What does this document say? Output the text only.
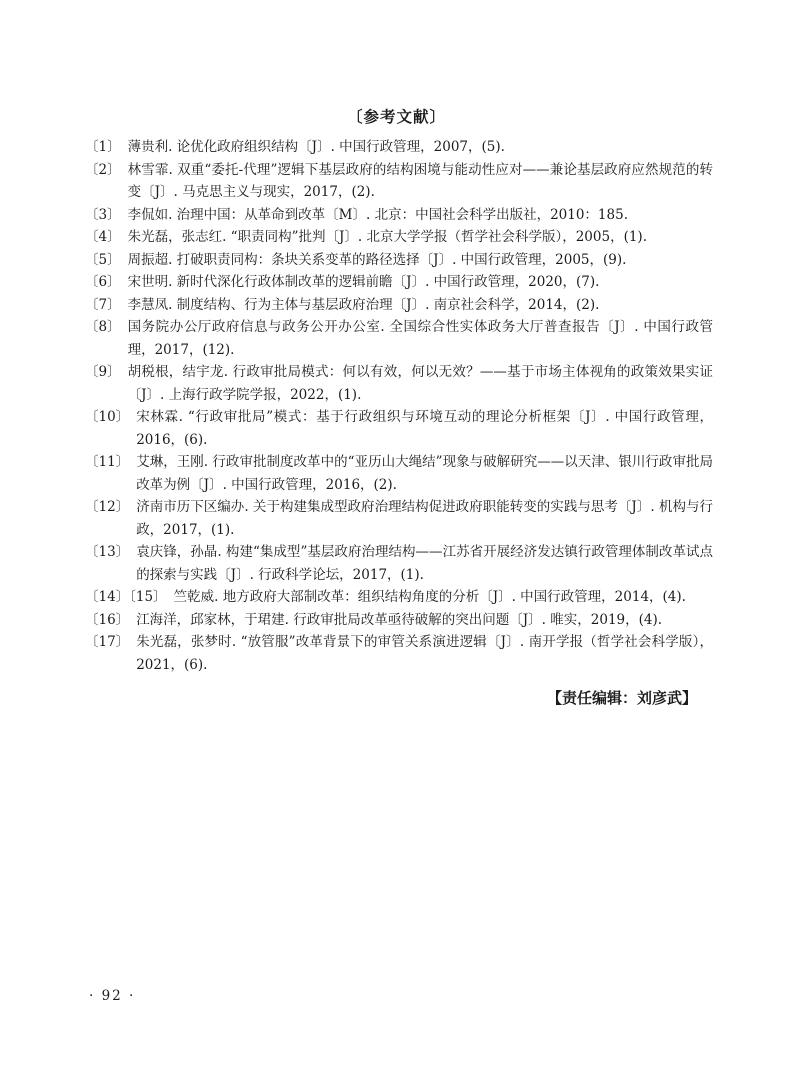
〔参考文献〕
〔1〕 薄贵利. 论优化政府组织结构〔J〕. 中国行政管理，2007，(5).
〔2〕 林雪霏. 双重“委托-代理”逻辑下基层政府的结构困境与能动性应对——兼论基层政府应然规范的转变〔J〕. 马克思主义与现实，2017，(2).
〔3〕 李侃如. 治理中国：从革命到改革〔M〕. 北京：中国社会科学出版社，2010：185.
〔4〕 朱光磊，张志红. “职责同构”批判〔J〕. 北京大学学报（哲学社会科学版），2005，(1).
〔5〕 周振超. 打破职责同构：条块关系变革的路径选择〔J〕. 中国行政管理，2005，(9).
〔6〕 宋世明. 新时代深化行政体制改革的逻辑前瞻〔J〕. 中国行政管理，2020，(7).
〔7〕 李慧凤. 制度结构、行为主体与基层政府治理〔J〕. 南京社会科学，2014，(2).
〔8〕 国务院办公厅政府信息与政务公开办公室. 全国综合性实体政务大厅普查报告〔J〕. 中国行政管理，2017，(12).
〔9〕 胡税根，结宇龙. 行政审批局模式：何以有效，何以无效？——基于市场主体视角的政策效果实证〔J〕. 上海行政学院学报，2022，(1).
〔10〕 宋林霖. “行政审批局”模式：基于行政组织与环境互动的理论分析框架〔J〕. 中国行政管理，2016，(6).
〔11〕 艾琳，王刚. 行政审批制度改革中的“亚历山大绳结”现象与破解研究——以天津、银川行政审批局改革为例〔J〕. 中国行政管理，2016，(2).
〔12〕 济南市历下区编办. 关于构建集成型政府治理结构促进政府职能转变的实践与思考〔J〕. 机构与行政，2017，(1).
〔13〕 袁庆锋，孙晶. 构建“集成型”基层政府治理结构——江苏省开展经济发达镇行政管理体制改革试点的探索与实践〔J〕. 行政科学论坛，2017，(1).
〔14〕〔15〕 竺乾威. 地方政府大部制改革：组织结构角度的分析〔J〕. 中国行政管理，2014，(4).
〔16〕 江海洋，邱家林，于珺建. 行政审批局改革亟待破解的突出问题〔J〕. 唯实，2019，(4).
〔17〕 朱光磊，张梦时. “放管服”改革背景下的审管关系演进逻辑〔J〕. 南开学报（哲学社会科学版），2021，(6).
【责任编辑：刘彦武】
· 92 ·
